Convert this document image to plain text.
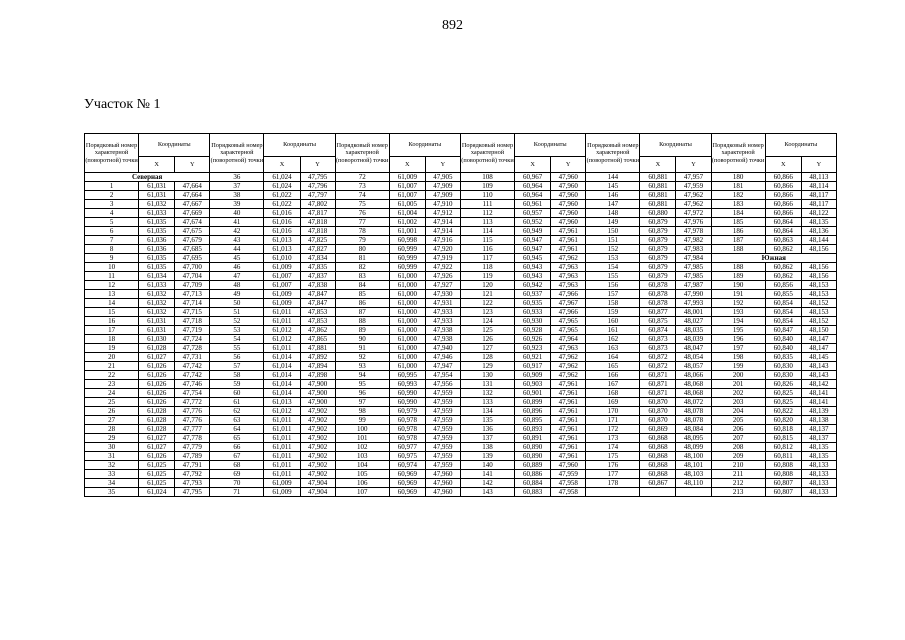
892
Участок № 1
Порядковый номер характерной (поворотной) точки	Координаты		Порядковый номер характерной (поворотной) точки	Координаты		Порядковый номер характерной (поворотной) точки	Координаты		Порядковый номер характерной (поворотной) точки	Координаты		Порядковый номер характерной (поворотной) точки	Координаты		Порядковый номер характерной (поворотной) точки	Координаты	
	X	Y		X	Y		X	Y		X	Y		X	Y		X	Y
Северная			36	61,024	47,795	72	61,009	47,905	108	60,967	47,960	144	60,881	47,957	180	60,866	48,113
1	61,031	47,664	37	61,024	47,796	73	61,007	47,909	109	60,964	47,960	145	60,881	47,959	181	60,866	48,114
2	61,031	47,664	38	61,022	47,797	74	61,007	47,909	110	60,964	47,960	146	60,881	47,962	182	60,866	48,117
3	61,032	47,667	39	61,022	47,802	75	61,005	47,910	111	60,961	47,960	147	60,881	47,962	183	60,866	48,117
4	61,033	47,669	40	61,016	47,817	76	61,004	47,912	112	60,957	47,960	148	60,880	47,972	184	60,866	48,122
5	61,035	47,674	41	61,016	47,818	77	61,002	47,914	113	60,952	47,960	149	60,879	47,976	185	60,864	48,135
6	61,035	47,675	42	61,016	47,818	78	61,001	47,914	114	60,949	47,961	150	60,879	47,978	186	60,864	48,136
7	61,036	47,679	43	61,013	47,825	79	60,998	47,916	115	60,947	47,961	151	60,879	47,982	187	60,863	48,144
8	61,036	47,685	44	61,013	47,827	80	60,999	47,920	116	60,947	47,961	152	60,879	47,983	188	60,862	48,156
9	61,035	47,695	45	61,010	47,834	81	60,999	47,919	117	60,945	47,962	153	60,879	47,984	Южная		
10	61,035	47,700	46	61,009	47,835	82	60,999	47,922	118	60,943	47,963	154	60,879	47,985	188	60,862	48,156
11	61,034	47,704	47	61,007	47,837	83	61,000	47,926	119	60,943	47,963	155	60,879	47,985	189	60,862	48,156
12	61,033	47,709	48	61,007	47,838	84	61,000	47,927	120	60,942	47,963	156	60,878	47,987	190	60,856	48,153
13	61,032	47,713	49	61,009	47,847	85	61,000	47,930	121	60,937	47,966	157	60,878	47,990	191	60,855	48,153
14	61,032	47,714	50	61,009	47,847	86	61,000	47,931	122	60,935	47,967	158	60,878	47,993	192	60,854	48,152
15	61,032	47,715	51	61,011	47,853	87	61,000	47,933	123	60,933	47,966	159	60,877	48,001	193	60,854	48,153
16	61,031	47,718	52	61,011	47,853	88	61,000	47,933	124	60,930	47,965	160	60,875	48,027	194	60,854	48,152
17	61,031	47,719	53	61,012	47,862	89	61,000	47,938	125	60,928	47,965	161	60,874	48,035	195	60,847	48,150
18	61,030	47,724	54	61,012	47,865	90	61,000	47,938	126	60,926	47,964	162	60,873	48,039	196	60,840	48,147
19	61,028	47,728	55	61,011	47,881	91	61,000	47,940	127	60,923	47,963	163	60,873	48,047	197	60,840	48,147
20	61,027	47,731	56	61,014	47,892	92	61,000	47,946	128	60,921	47,962	164	60,872	48,054	198	60,835	48,145
21	61,026	47,742	57	61,014	47,894	93	61,000	47,947	129	60,917	47,962	165	60,872	48,057	199	60,830	48,143
22	61,026	47,742	58	61,014	47,898	94	60,995	47,954	130	60,909	47,962	166	60,871	48,066	200	60,830	48,143
23	61,026	47,746	59	61,014	47,900	95	60,993	47,956	131	60,903	47,961	167	60,871	48,068	201	60,826	48,142
24	61,026	47,754	60	61,014	47,900	96	60,990	47,959	132	60,901	47,961	168	60,871	48,068	202	60,825	48,141
25	61,026	47,772	61	61,013	47,900	97	60,990	47,959	133	60,899	47,961	169	60,870	48,072	203	60,825	48,141
26	61,028	47,776	62	61,012	47,902	98	60,979	47,959	134	60,896	47,961	170	60,870	48,078	204	60,822	48,139
27	61,028	47,776	63	61,011	47,902	99	60,978	47,959	135	60,895	47,961	171	60,870	48,078	205	60,820	48,138
28	61,028	47,777	64	61,011	47,902	100	60,978	47,959	136	60,893	47,961	172	60,869	48,084	206	60,818	48,137
29	61,027	47,778	65	61,011	47,902	101	60,978	47,959	137	60,891	47,961	173	60,868	48,095	207	60,815	48,137
30	61,027	47,779	66	61,011	47,902	102	60,977	47,959	138	60,890	47,961	174	60,868	48,099	208	60,812	48,135
31	61,026	47,789	67	61,011	47,902	103	60,975	47,959	139	60,890	47,961	175	60,868	48,100	209	60,811	48,135
32	61,025	47,791	68	61,011	47,902	104	60,974	47,959	140	60,889	47,960	176	60,868	48,101	210	60,808	48,133
33	61,025	47,792	69	61,011	47,902	105	60,969	47,960	141	60,886	47,959	177	60,868	48,103	211	60,808	48,133
34	61,025	47,793	70	61,009	47,904	106	60,969	47,960	142	60,884	47,958	178	60,867	48,110	212	60,807	48,133
35	61,024	47,795	71	61,009	47,904	107	60,969	47,960	143	60,883	47,958				213	60,807	48,133
